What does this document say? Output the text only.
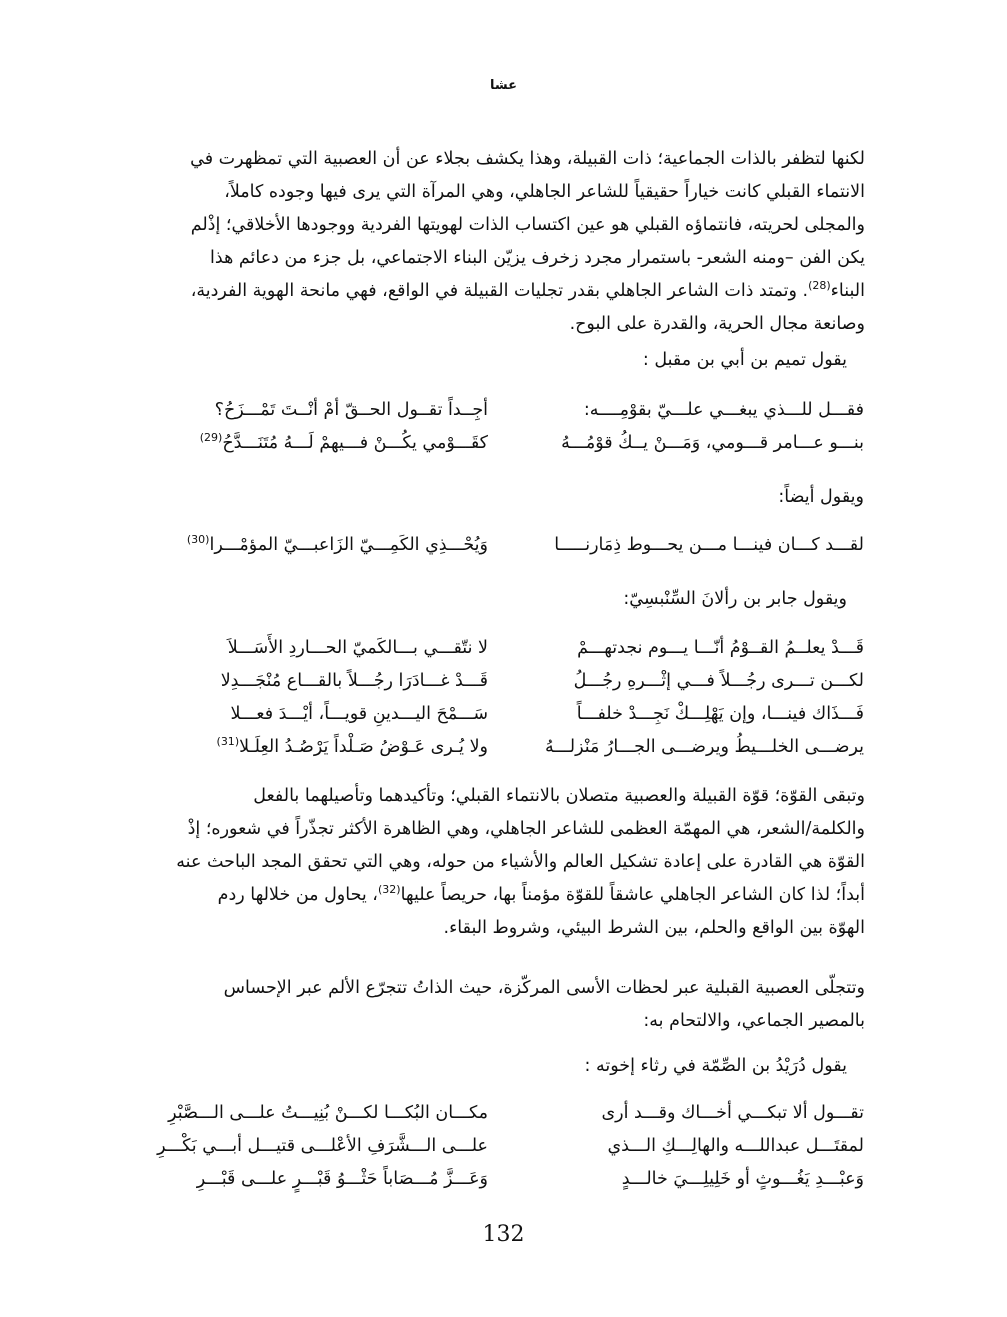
عشا
لكنها لتظفر بالذات الجماعية؛ ذات القبيلة، وهذا يكشف بجلاء عن أن العصبية التي تمظهرت في
الانتماء القبلي كانت خياراً حقيقياً للشاعر الجاهلي، وهي المرآة التي يرى فيها وجوده كاملاً،
والمجلى لحريته، فانتماؤه القبلي هو عين اكتساب الذات لهويتها الفردية ووجودها الأخلاقي؛ إذْلم
يكن الفن –ومنه الشعر- باستمرار مجرد زخرف يزيّن البناء الاجتماعي، بل جزء من دعائم هذا
البناء$^{(28)}$. وتمتد ذات الشاعر الجاهلي بقدر تجليات القبيلة في الواقع، فهي مانحة الهوية الفردية،
وصانعة مجال الحرية، والقدرة على البوح.
يقول تميم بن أبي بن مقبل :
فقـــل للـــذي يبغـــي علـــيّ بقوْمِــــه:
أجِــداً تقــول الحــقّ أمْ أنْــتَ تَمْـــزَحُ؟
بنـــو عـــامر قـــومي، وَمَـــنْ يــكُ قوْمُـــهُ
كقَـــوْمي يكُـــنْ فـــيهمْ لَـــهُ مُتَنَـــدَّحُ$^{(29)}$
ويقول أيضاً:
لقـــد كـــان فينـــا مـــن يحـــوط ذِمَارنـــــا
وَيُحْـــذِي الكَمِـــيّ الزَاعبـــيّ المؤمْـــرا$^{(30)}$
ويقول جابر بن رألانَ السِّنْبسِيّ:
قَـــدْ يعلــمُ القــوْمُ أنّـــا يـــوم نجدتهـــمْ
لا نتّقـــي بـــالكَميّ الحـــاردِ الأَسَـــلاَ
لكـــن تـــرى رجُـــلاً فـــي إثْـــرهِ رجُـــلُ
قَـــدْ غـــادَرَا رجُـــلاً بالقـــاع مُنْجَـــدِلا
فَـــذَاك فينـــا، وإن يَهْلِـــكْ نَجِـــدْ خلفـــاً
سَـــمْحَ اليـــدينِ قويـــاً، أيْـــدَ فعـــلا
يرضـــى الخلـــيطُ ويرضـــى الجـــارُ مَنْزلـــهُ
ولا يُـرى عَـوْضُ صَـلْداً يَرْصُـدُ العِلَـلا$^{(31)}$
وتبقى القوّة؛ قوّة القبيلة والعصبية متصلان بالانتماء القبلي؛ وتأكيدهما وتأصيلهما بالفعل
والكلمة/الشعر، هي المهمّة العظمى للشاعر الجاهلي، وهي الظاهرة الأكثر تجذّراً في شعوره؛ إذْ
القوّة هي القادرة على إعادة تشكيل العالم والأشياء من حوله، وهي التي تحقق المجد الباحث عنه
أبداً؛ لذا كان الشاعر الجاهلي عاشقاً للقوّة مؤمناً بها، حريصاً عليها$^{(32)}$، يحاول من خلالها ردم
الهوّة بين الواقع والحلم، بين الشرط البيئي، وشروط البقاء.
وتتجلّى العصبية القبلية عبر لحظات الأسى المركّزة، حيث الذاتُ تتجرّع الألم عبر الإحساس
بالمصير الجماعي، والالتحام به:
يقول دُرَيْدُ بن الصِّمّة في رثاء إخوته :
تقـــول ألا تبكـــي أخـــاك وقـــد أرى
مكـــان البُكـــا لكـــنْ بُنِيـــتُ علـــى الـــصَّبْرِ
لمقتَـــل عبداللـــه والهالِـــكِ الـــذي
علـــى الـــشَّرَفِ الأعْلـــى قتيـــل أبـــي بَكْـــرِ
وَعبْـــدِ يَغُـــوثٍ أو خَلِيلِـــيَ خالـــدٍ
وَعَـــزَّ مُـــصَاباً حَثْـــوُ قَبْـــرٍ علـــى قَبْـــرِ
132
